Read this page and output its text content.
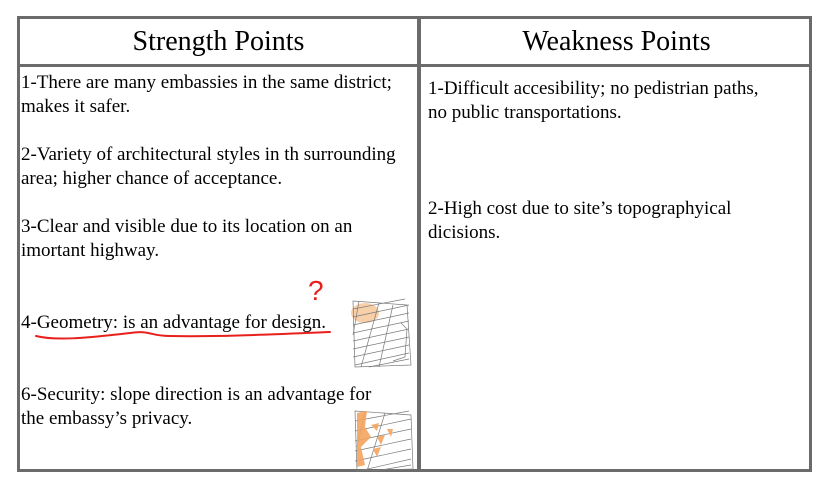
Strength Points	Weakness Points
1-There are many embassies in the same district;
makes it safer.
2-Variety of architectural styles in th surrounding
area; higher chance of acceptance.
3-Clear and visible due to its location on an
imortant highway.
4-Geometry: is an advantage for design.
6-Security: slope direction is an advantage for
the embassy’s privacy.
1-Difficult accesibility; no pedistrian paths,
no public transportations.
2-High cost due to site’s topographyical
dicisions.
?
